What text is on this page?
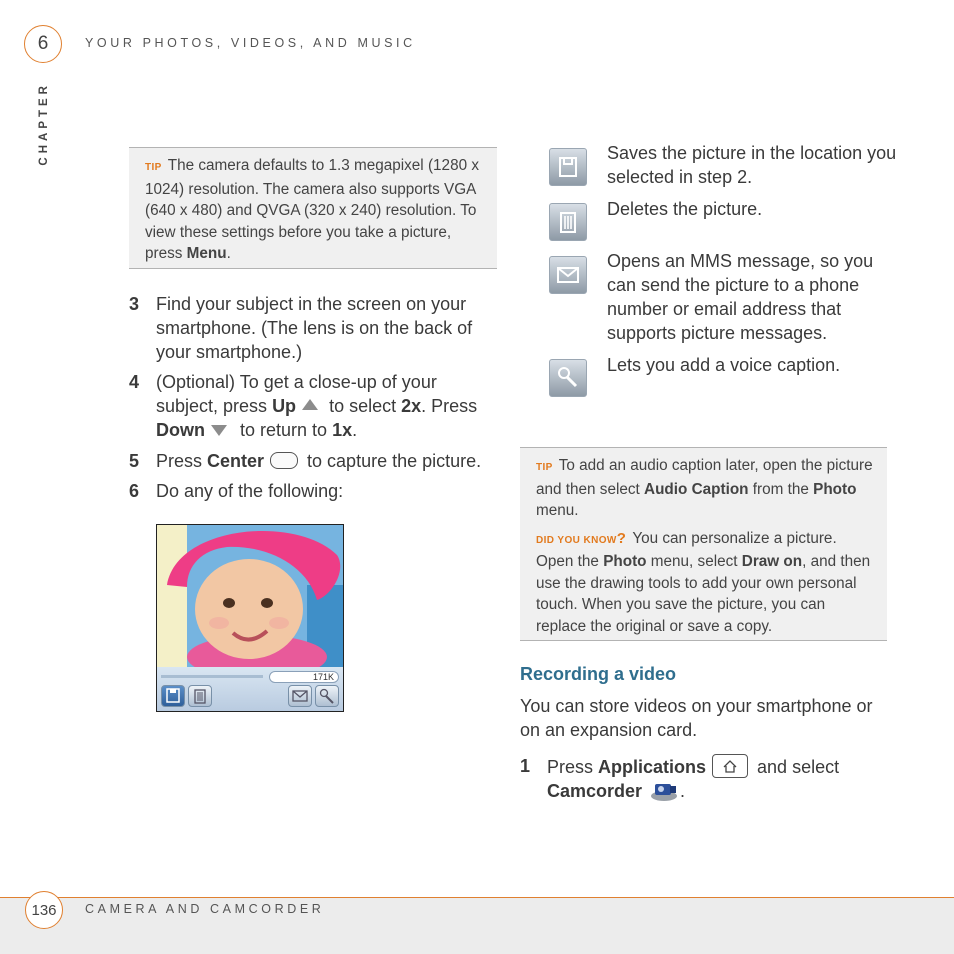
6	YOUR PHOTOS, VIDEOS, AND MUSIC
CHAPTER

TIP The camera defaults to 1.3 megapixel (1280 x 1024) resolution. The camera also supports VGA (640 x 480) and QVGA (320 x 240) resolution. To view these settings before you take a picture, press Menu.

3 Find your subject in the screen on your smartphone. (The lens is on the back of your smartphone.)
4 (Optional) To get a close-up of your subject, press Up to select 2x. Press Down to return to 1x.
5 Press Center to capture the picture.
6 Do any of the following:
171K
Saves the picture in the location you selected in step 2.
Deletes the picture.
Opens an MMS message, so you can send the picture to a phone number or email address that supports picture messages.
Lets you add a voice caption.

TIP To add an audio caption later, open the picture and then select Audio Caption from the Photo menu.

DID YOU KNOW? You can personalize a picture. Open the Photo menu, select Draw on, and then use the drawing tools to add your own personal touch. When you save the picture, you can replace the original or save a copy.

Recording a video
You can store videos on your smartphone or on an expansion card.
1 Press Applications	and select
Camcorder .
136 CAMERA AND CAMCORDER
